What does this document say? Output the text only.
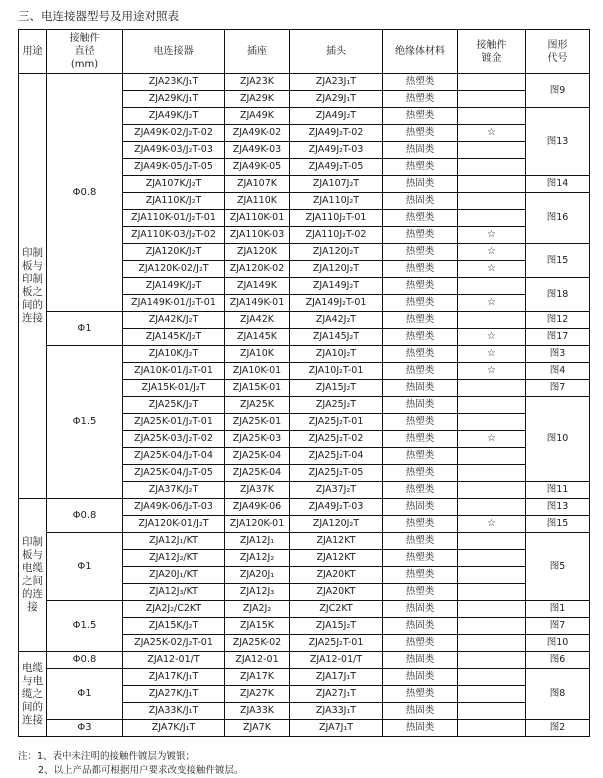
三、电连接器型号及用途对照表
用途	接触件
直径
(mm)	电连接器	插座	插头	绝缘体材料	接触件
镀金	图形
代号
印制板与印制板之间的连接	Φ0.8	ZJA23K/J₁T	ZJA23K	ZJA23J₁T	热塑类		图9
		ZJA29K/J₁T	ZJA29K	ZJA29J₁T	热塑类		
		ZJA49K/J₂T	ZJA49K	ZJA49J₂T	热塑类		图13
		ZJA49K-02/J₂T-02	ZJA49K-02	ZJA49J₂T-02	热塑类	☆	
		ZJA49K-03/J₂T-03	ZJA49K-03	ZJA49J₂T-03	热固类		
		ZJA49K-05/J₂T-05	ZJA49K-05	ZJA49J₂T-05	热塑类		
		ZJA107K/J₂T	ZJA107K	ZJA107J₂T	热固类		图14
		ZJA110K/J₂T	ZJA110K	ZJA110J₂T	热固类		图16
		ZJA110K-01/J₂T-01	ZJA110K-01	ZJA110J₂T-01	热塑类		
		ZJA110K-03/J₂T-02	ZJA110K-03	ZJA110J₂T-02	热塑类	☆	
		ZJA120K/J₂T	ZJA120K	ZJA120J₂T	热塑类	☆	图15
		ZJA120K-02/J₂T	ZJA120K-02	ZJA120J₂T	热塑类	☆	
		ZJA149K/J₂T	ZJA149K	ZJA149J₂T	热塑类		图18
		ZJA149K-01/J₂T-01	ZJA149K-01	ZJA149J₂T-01	热塑类	☆	
	Φ1	ZJA42K/J₂T	ZJA42K	ZJA42J₂T	热塑类		图12
		ZJA145K/J₂T	ZJA145K	ZJA145J₂T	热塑类	☆	图17
	Φ1.5	ZJA10K/J₂T	ZJA10K	ZJA10J₂T	热塑类	☆	图3
		ZJA10K-01/J₂T-01	ZJA10K-01	ZJA10J₂T-01	热塑类	☆	图4
		ZJA15K-01/J₂T	ZJA15K-01	ZJA15J₂T	热固类		图7
		ZJA25K/J₂T	ZJA25K	ZJA25J₂T	热固类		图10
		ZJA25K-01/J₂T-01	ZJA25K-01	ZJA25J₂T-01	热塑类		
		ZJA25K-03/J₂T-02	ZJA25K-03	ZJA25J₂T-02	热塑类	☆	
		ZJA25K-04/J₂T-04	ZJA25K-04	ZJA25J₂T-04	热塑类		
		ZJA25K-04/J₂T-05	ZJA25K-04	ZJA25J₂T-05	热塑类		
		ZJA37K/J₂T	ZJA37K	ZJA37J₂T	热塑类		图11
印制板与电缆之间的连接	Φ0.8	ZJA49K-06/J₂T-03	ZJA49K-06	ZJA49J₂T-03	热固类		图13
		ZJA120K-01/J₂T	ZJA120K-01	ZJA120J₂T	热塑类	☆	图15
	Φ1	ZJA12J₁/KT	ZJA12J₁	ZJA12KT	热塑类		图5
		ZJA12J₂/KT	ZJA12J₂	ZJA12KT	热塑类		
		ZJA20J₁/KT	ZJA20J₁	ZJA20KT	热塑类		
		ZJA12J₃/KT	ZJA12J₃	ZJA20KT	热塑类		
	Φ1.5	ZJA2J₂/C2KT	ZJA2J₂	ZJC2KT	热固类		图1
		ZJA15K/J₂T	ZJA15K	ZJA15J₂T	热固类		图7
		ZJA25K-02/J₂T-01	ZJA25K-02	ZJA25J₂T-01	热塑类		图10
电缆与电缆之间的连接	Φ0.8	ZJA12-01/T	ZJA12-01	ZJA12-01/T	热固类		图6
	Φ1	ZJA17K/J₁T	ZJA17K	ZJA17J₁T	热固类		图8
		ZJA27K/J₁T	ZJA27K	ZJA27J₁T	热塑类		
		ZJA33K/J₁T	ZJA33K	ZJA33J₁T	热固类		
	Φ3	ZJA7K/J₁T	ZJA7K	ZJA7J₁T	热固类		图2
注：1、表中未注明的接触件镀层为镀银；
2、以上产品都可根据用户要求改变接触件镀层。
